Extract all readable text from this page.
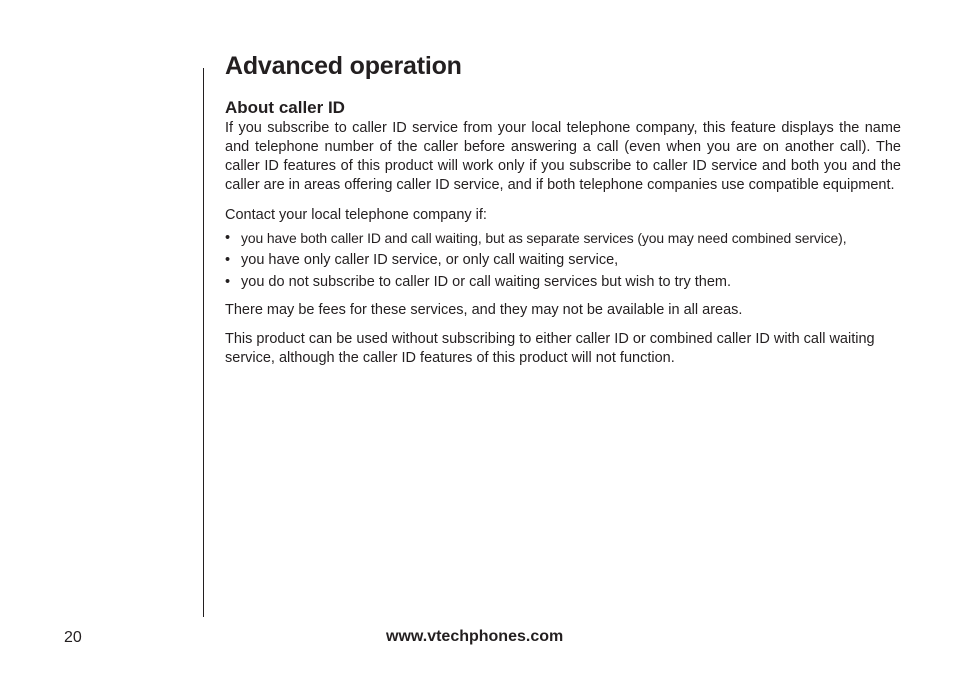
Advanced operation
About caller ID

If you subscribe to caller ID service from your local telephone company, this feature displays the name and telephone number of the caller before answering a call (even when you are on another call). The caller ID features of this product will work only if you subscribe to caller ID service and both you and the caller are in areas offering caller ID service, and if both telephone companies use compatible equipment.

Contact your local telephone company if:

• you have both caller ID and call waiting, but as separate services (you may need combined service),
• you have only caller ID service, or only call waiting service,
• you do not subscribe to caller ID or call waiting services but wish to try them.

There may be fees for these services, and they may not be available in all areas.

This product can be used without subscribing to either caller ID or combined caller ID with call waiting service, although the caller ID features of this product will not function.

20	www.vtechphones.com
